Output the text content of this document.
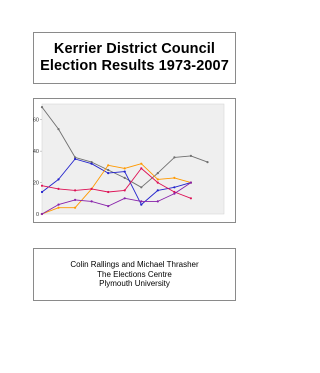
Kerrier District Council
Election Results 1973-2007
0
20
40
60
Colin Rallings and Michael Thrasher
The Elections Centre
Plymouth University
